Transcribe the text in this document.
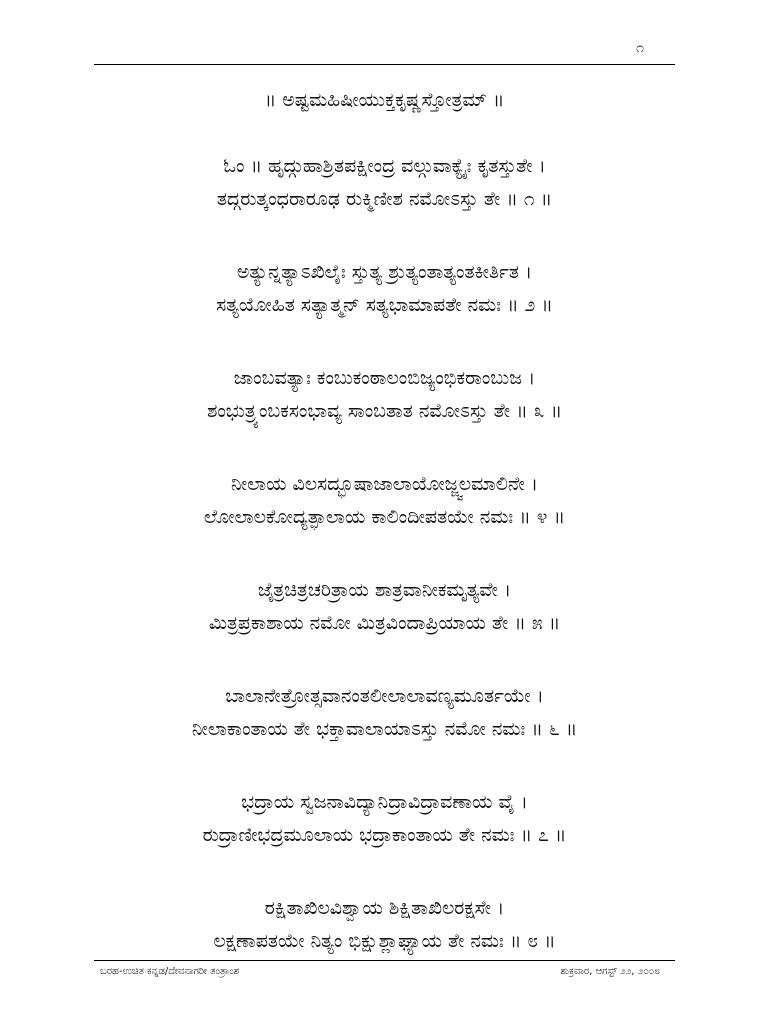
೧
॥ ಅಷ್ಟಮಹಿಷೀಯುಕ್ತಕೃಷ್ಣಸ್ತೋತ್ರಮ್ ॥
ಓಂ ॥ ಹೃದ್ಗುಹಾಶ್ರಿತಪಕ್ಷೀಂದ್ರ ವಲ್ಗುವಾಕ್ಯೈಃ ಕೃತಸ್ತುತೇ ।
ತದ್ಗರುತ್ಕಂಧರಾರೂಢ ರುಕ್ಮಿಣೀಶ ನಮೋಽಸ್ತು ತೇ ॥ ೧ ॥
ಅತ್ಯುನ್ನತ್ಯಾಽಖಿಲೈಃ ಸ್ತುತ್ಯ ಶ್ರುತ್ಯಂತಾತ್ಯಂತಕೀರ್ತಿತ ।
ಸತ್ಯಯೋಹಿತ ಸತ್ಯಾತ್ಮನ್ ಸತ್ಯಭಾಮಾಪತೇ ನಮಃ ॥ ೨ ॥
ಜಾಂಬವತ್ಯಾಃ ಕಂಬುಕಂಠಾಲಂಬಿಜ್ಯಂಭಿಕರಾಂಬುಜ ।
ಶಂಭುತ್ರ್ಯಂಬಕಸಂಭಾವ್ಯ ಸಾಂಬತಾತ ನಮೋಽಸ್ತು ತೇ ॥ ೩ ॥
ನೀಲಾಯ ವಿಲಸದ್ಭೂಷಾಜಾಲಾಯೋಜ್ಜ್ವಲಮಾಲಿನೇ ।
ಲೋಲಾಲಕೋದ್ಯತ್ಫಾಲಾಯ ಕಾಲಿಂದೀಪತಯೇ ನಮಃ ॥ ೪ ॥
ಜೈತ್ರಚಿತ್ರಚರಿತ್ರಾಯ ಶಾತ್ರವಾನೀಕಮೃತ್ಯವೇ ।
ಮಿತ್ರಪ್ರಕಾಶಾಯ ನಮೋ ಮಿತ್ರವಿಂದಾಪ್ರಿಯಾಯ ತೇ ॥ ೫ ॥
ಬಾಲಾನೇತ್ರೋತ್ಸವಾನಂತಲೀಲಾಲಾವಣ್ಯಮೂರ್ತಯೇ ।
ನೀಲಾಕಾಂತಾಯ ತೇ ಭಕ್ತಾವಾಲಾಯಾಽಸ್ತು ನಮೋ ನಮಃ ॥ ೬ ॥
ಭದ್ರಾಯ ಸ್ವಜನಾವಿದ್ಯಾನಿದ್ರಾವಿದ್ರಾವಣಾಯ ವೈ ।
ರುದ್ರಾಣೀಭದ್ರಮೂಲಾಯ ಭದ್ರಾಕಾಂತಾಯ ತೇ ನಮಃ ॥ ೭ ॥
ರಕ್ಷಿತಾಖಿಲವಿಶ್ವಾಯ ಶಿಕ್ಷಿತಾಖಿಲರಕ್ಷಸೇ ।
ಲಕ್ಷಣಾಪತಯೇ ನಿತ್ಯಂ ಭಿಕ್ಷುಶ್ಲಾಘ್ಯಾಯ ತೇ ನಮಃ ॥ ೮ ॥
ಬರಹ-ಉಚಿತ ಕನ್ನಡ/ದೇವನಾಗರೀ ತಂತ್ರಾಂಶ	ಶುಕ್ರವಾರ, ಆಗಸ್ಟ್ ೨೨, ೨೦೦೮
